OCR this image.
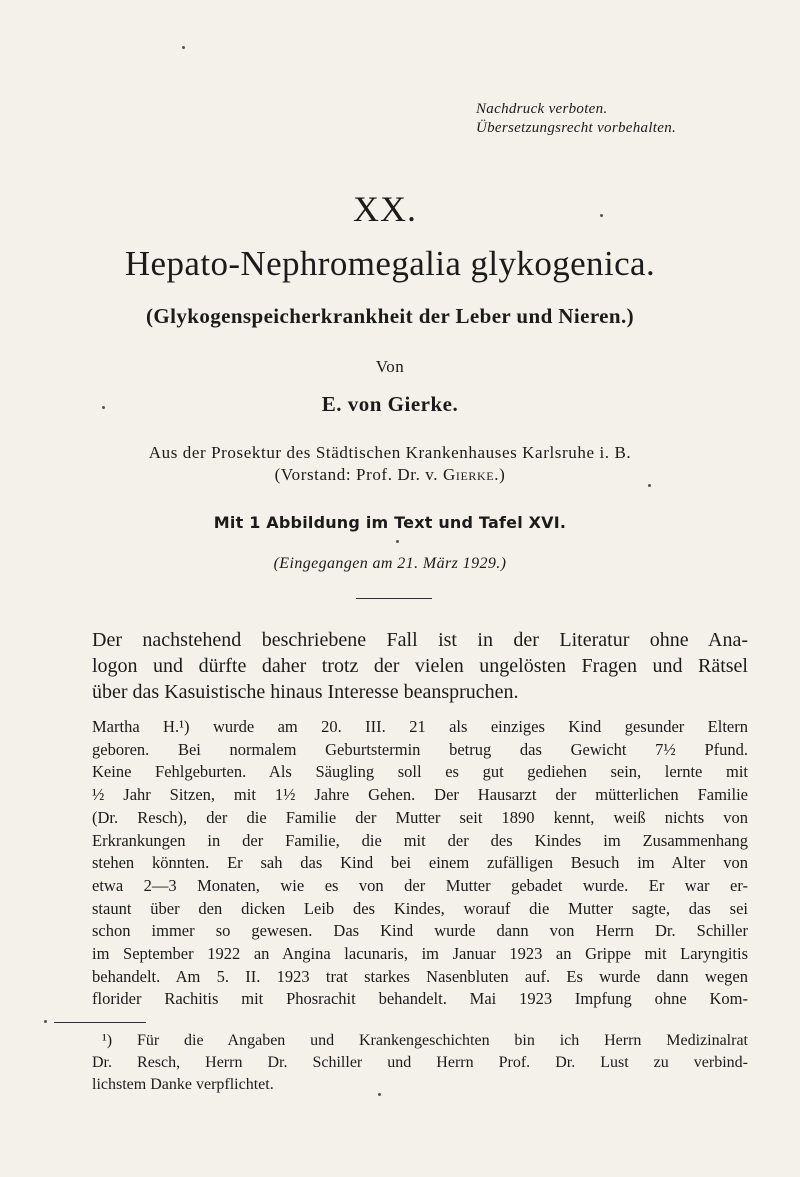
Nachdruck verboten.
Übersetzungsrecht vorbehalten.
XX.
Hepato-Nephromegalia glykogenica.
(Glykogenspeicherkrankheit der Leber und Nieren.)
Von
E. von Gierke.
Aus der Prosektur des Städtischen Krankenhauses Karlsruhe i. B.
(Vorstand: Prof. Dr. v. Gierke.)
Mit 1 Abbildung im Text und Tafel XVI.
(Eingegangen am 21. März 1929.)
Der nachstehend beschriebene Fall ist in der Literatur ohne Ana-
logon und dürfte daher trotz der vielen ungelösten Fragen und Rätsel
über das Kasuistische hinaus Interesse beanspruchen.
Martha H.¹) wurde am 20. III. 21 als einziges Kind gesunder Eltern
geboren. Bei normalem Geburtstermin betrug das Gewicht 7½ Pfund.
Keine Fehlgeburten. Als Säugling soll es gut gediehen sein, lernte mit
½ Jahr Sitzen, mit 1½ Jahre Gehen. Der Hausarzt der mütterlichen Familie
(Dr. Resch), der die Familie der Mutter seit 1890 kennt, weiß nichts von
Erkrankungen in der Familie, die mit der des Kindes im Zusammenhang
stehen könnten. Er sah das Kind bei einem zufälligen Besuch im Alter von
etwa 2—3 Monaten, wie es von der Mutter gebadet wurde. Er war er-
staunt über den dicken Leib des Kindes, worauf die Mutter sagte, das sei
schon immer so gewesen. Das Kind wurde dann von Herrn Dr. Schiller
im September 1922 an Angina lacunaris, im Januar 1923 an Grippe mit Laryngitis
behandelt. Am 5. II. 1923 trat starkes Nasenbluten auf. Es wurde dann wegen
florider Rachitis mit Phosrachit behandelt. Mai 1923 Impfung ohne Kom-
¹) Für die Angaben und Krankengeschichten bin ich Herrn Medizinalrat
Dr. Resch, Herrn Dr. Schiller und Herrn Prof. Dr. Lust zu verbind-
lichstem Danke verpflichtet.
